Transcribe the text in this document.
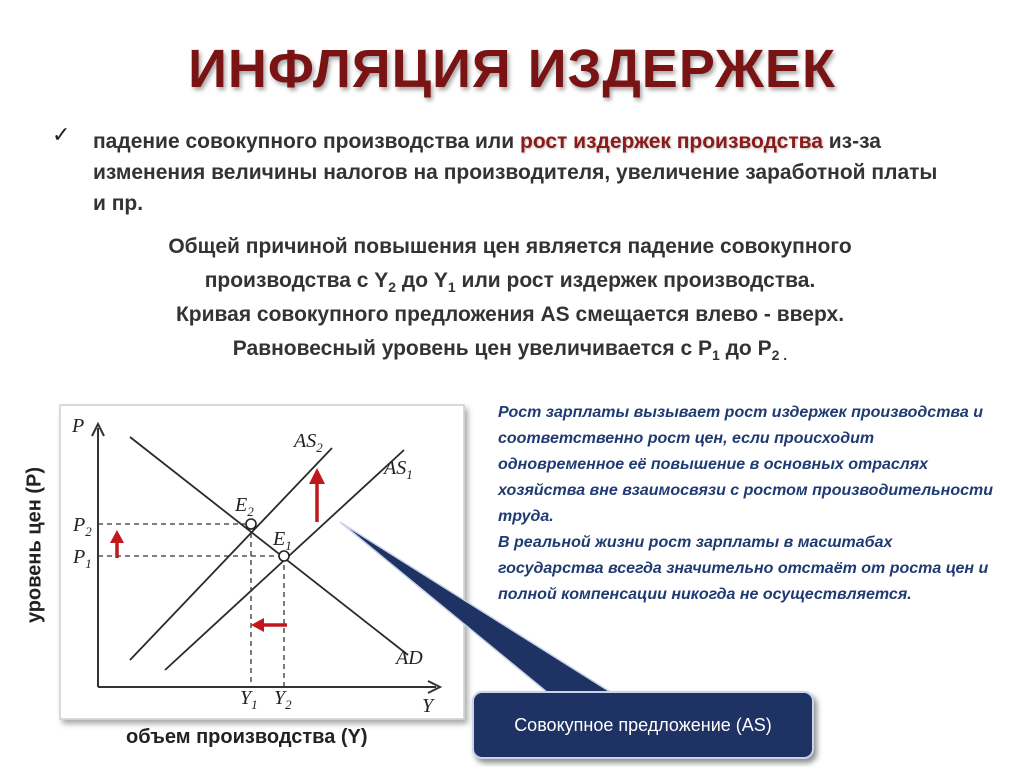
ИНФЛЯЦИЯ ИЗДЕРЖЕК
✓ падение совокупного производства или рост издержек производства из-за изменения величины налогов на производителя, увеличение заработной платы и пр.
Общей причиной повышения цен является падение совокупного
производства с $Y_2$ до $Y_1$ или рост издержек производства.
Кривая совокупного предложения AS смещается влево - вверх.
Равновесный уровень цен увеличивается с $P_1$ до $P_{2 .}$
P
Y
$AS_2$
$AS_1$
AD
$E_2$
$E_1$
$P_2$
$P_1$
$Y_1$ $Y_2$
Рост зарплаты вызывает рост издержек производства и соответственно рост цен, если происходит одновременное её повышение в основных отраслях хозяйства вне взаимосвязи с ростом производительности труда.
В реальной жизни рост зарплаты в масштабах государства всегда значительно отстаёт от роста цен и полной компенсации никогда не осуществляется.
Совокупное предложение (AS)
уровень цен (P)
объем производства (Y)
